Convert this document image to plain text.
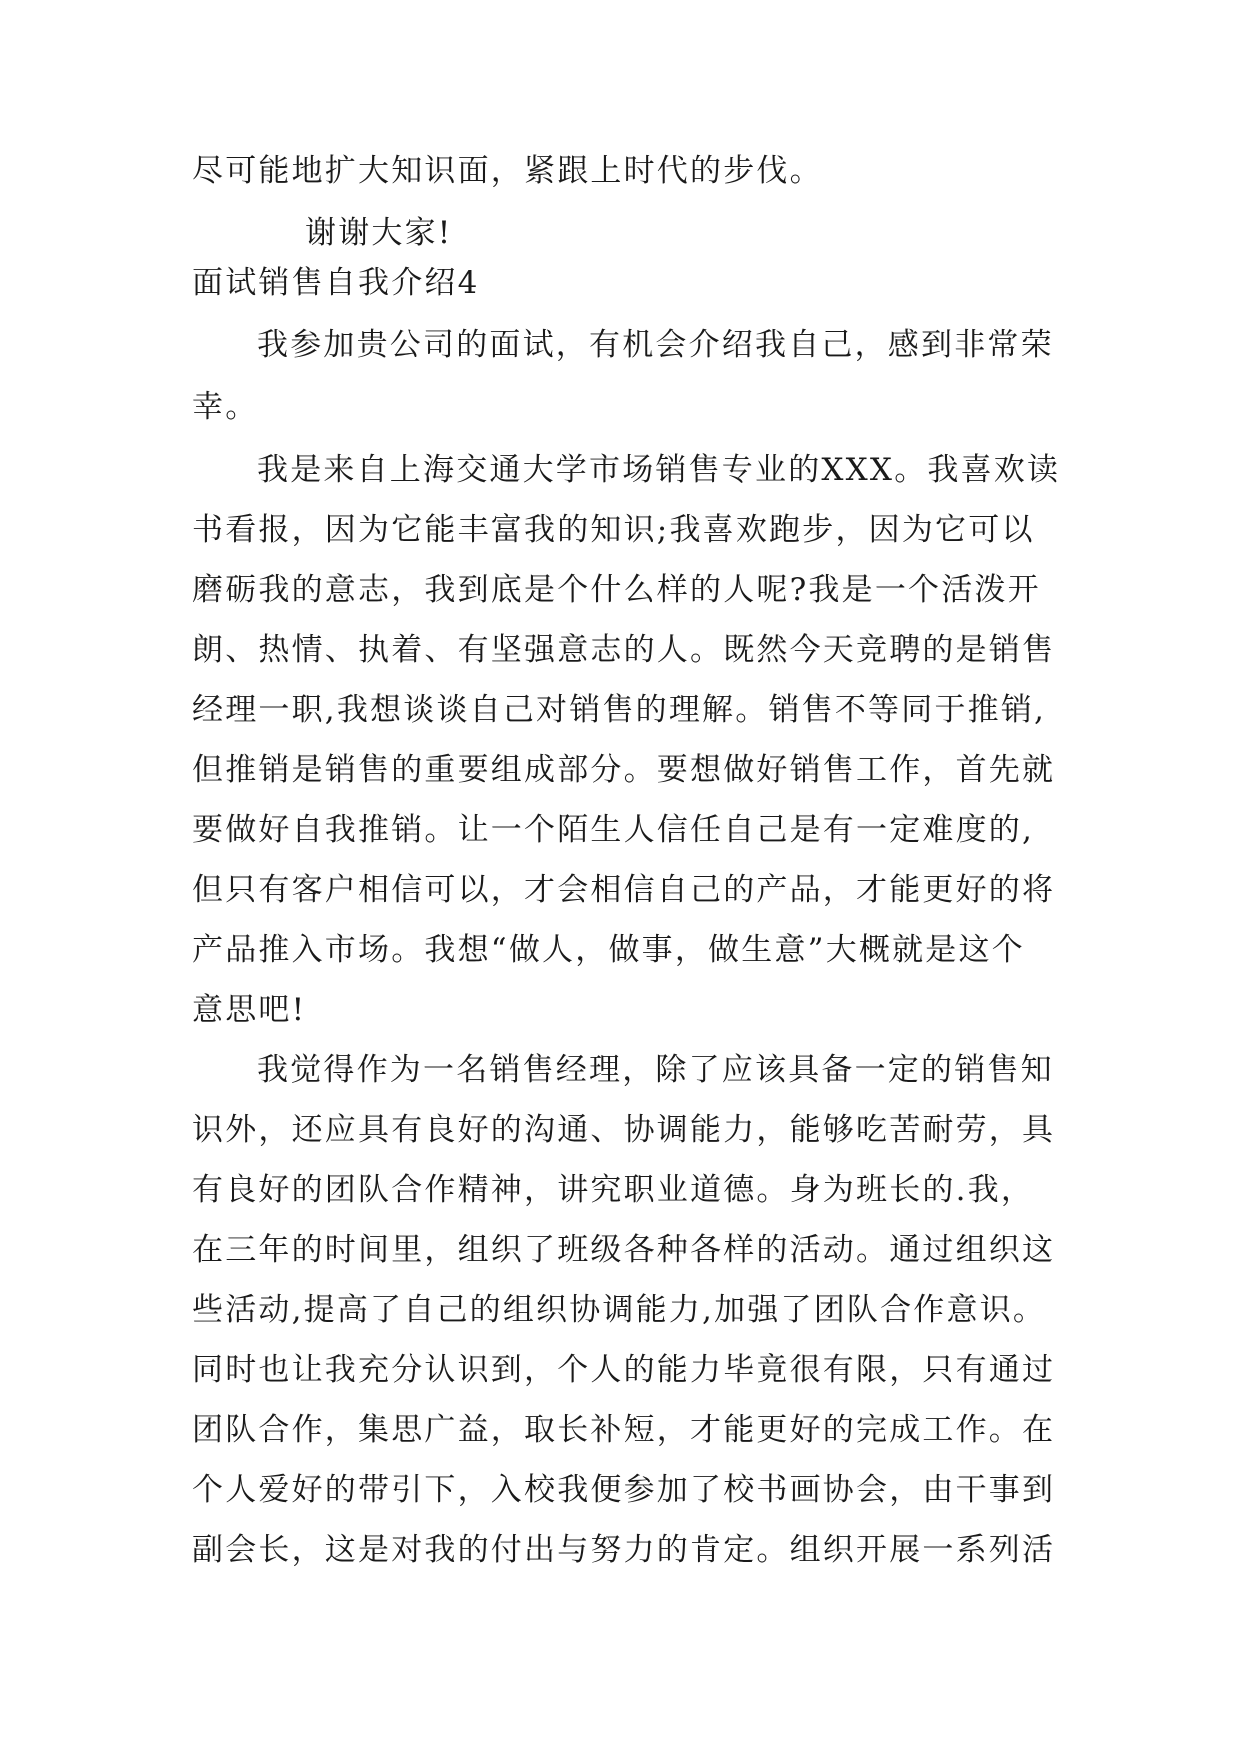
尽可能地扩大知识面，紧跟上时代的步伐。
谢谢大家!
面试销售自我介绍4
我参加贵公司的面试，有机会介绍我自己，感到非常荣
幸。
我是来自上海交通大学市场销售专业的XXX。我喜欢读
书看报，因为它能丰富我的知识;我喜欢跑步，因为它可以
磨砺我的意志，我到底是个什么样的人呢?我是一个活泼开
朗、热情、执着、有坚强意志的人。既然今天竞聘的是销售
经理一职,我想谈谈自己对销售的理解。销售不等同于推销,
但推销是销售的重要组成部分。要想做好销售工作，首先就
要做好自我推销。让一个陌生人信任自己是有一定难度的,
但只有客户相信可以，才会相信自己的产品，才能更好的将
产品推入市场。我想“做人，做事，做生意”大概就是这个
意思吧!
我觉得作为一名销售经理，除了应该具备一定的销售知
识外，还应具有良好的沟通、协调能力，能够吃苦耐劳，具
有良好的团队合作精神，讲究职业道德。身为班长的.我，
在三年的时间里，组织了班级各种各样的活动。通过组织这
些活动,提高了自己的组织协调能力,加强了团队合作意识。
同时也让我充分认识到，个人的能力毕竟很有限，只有通过
团队合作，集思广益，取长补短，才能更好的完成工作。在
个人爱好的带引下，入校我便参加了校书画协会，由干事到
副会长，这是对我的付出与努力的肯定。组织开展一系列活
